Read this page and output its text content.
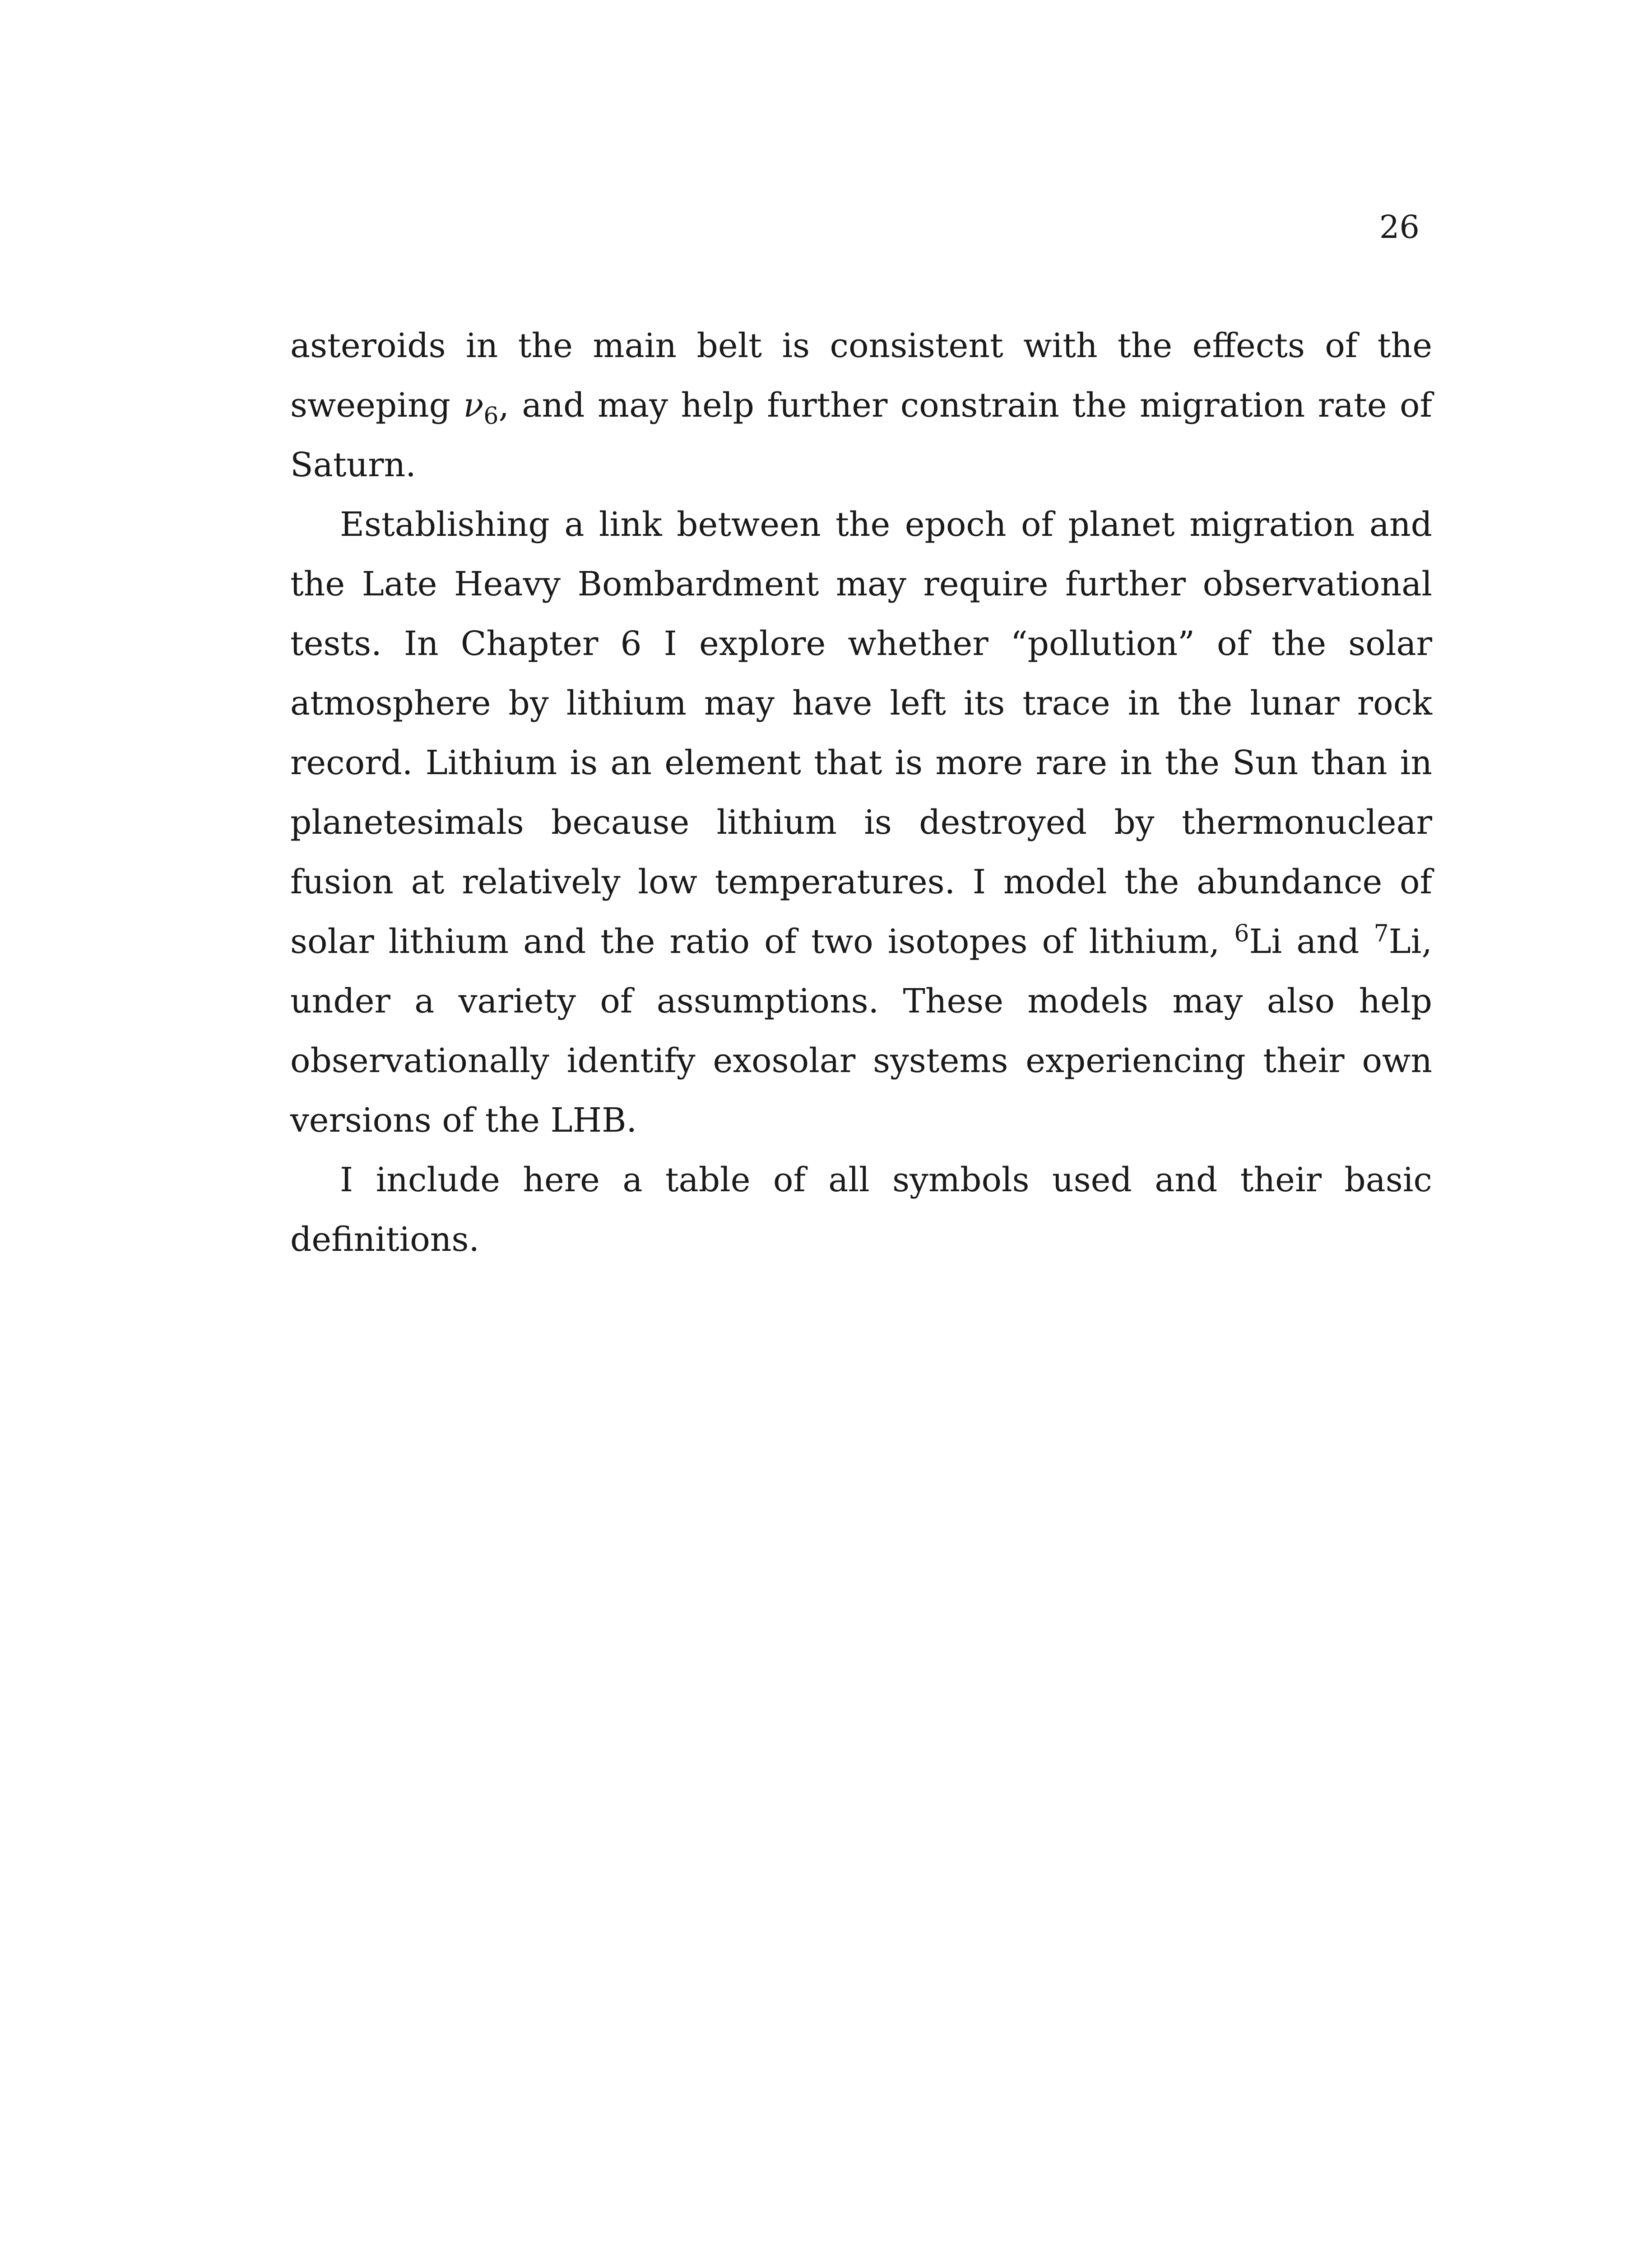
26

asteroids in the main belt is consistent with the effects of the sweeping $\nu_6$, and may help further constrain the migration rate of Saturn.

Establishing a link between the epoch of planet migration and the Late Heavy Bombardment may require further observational tests. In Chapter 6 I explore whether “pollution” of the solar atmosphere by lithium may have left its trace in the lunar rock record. Lithium is an element that is more rare in the Sun than in planetesimals because lithium is destroyed by thermonuclear fusion at relatively low temperatures. I model the abundance of solar lithium and the ratio of two isotopes of lithium, $^6$Li and $^7$Li, under a variety of assumptions. These models may also help observationally identify exosolar systems experiencing their own versions of the LHB.

I include here a table of all symbols used and their basic definitions.
